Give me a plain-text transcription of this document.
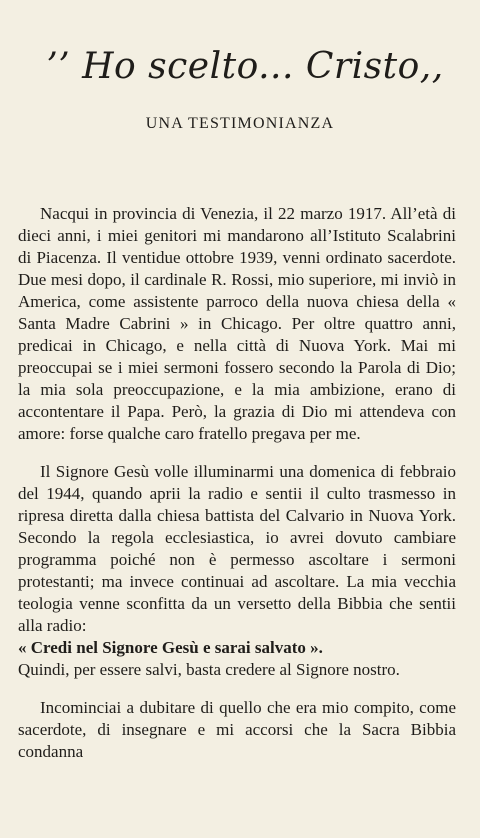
’’ Ho scelto... Cristo,,
UNA TESTIMONIANZA

Nacqui in provincia di Venezia, il 22 marzo 1917. All’età di dieci anni, i miei genitori mi mandarono all’Istituto Scalabrini di Piacenza. Il ventidue ottobre 1939, venni ordinato sacerdote. Due mesi dopo, il cardinale R. Rossi, mio superiore, mi inviò in America, come assistente parroco della nuova chiesa della « Santa Madre Cabrini » in Chicago. Per oltre quattro anni, predicai in Chicago, e nella città di Nuova York. Mai mi preoccupai se i miei sermoni fossero secondo la Parola di Dio; la mia sola preoccupazione, e la mia ambizione, erano di accontentare il Papa. Però, la grazia di Dio mi attendeva con amore: forse qualche caro fratello pregava per me.

Il Signore Gesù volle illuminarmi una domenica di febbraio del 1944, quando aprii la radio e sentii il culto trasmesso in ripresa diretta dalla chiesa battista del Calvario in Nuova York. Secondo la regola ecclesiastica, io avrei dovuto cambiare programma poiché non è permesso ascoltare i sermoni protestanti; ma invece continuai ad ascoltare. La mia vecchia teologia venne sconfitta da un versetto della Bibbia che sentii alla radio:
« Credi nel Signore Gesù e sarai salvato ».
Quindi, per essere salvi, basta credere al Signore nostro.

Incominciai a dubitare di quello che era mio compito, come sacerdote, di insegnare e mi accorsi che la Sacra Bibbia condanna
